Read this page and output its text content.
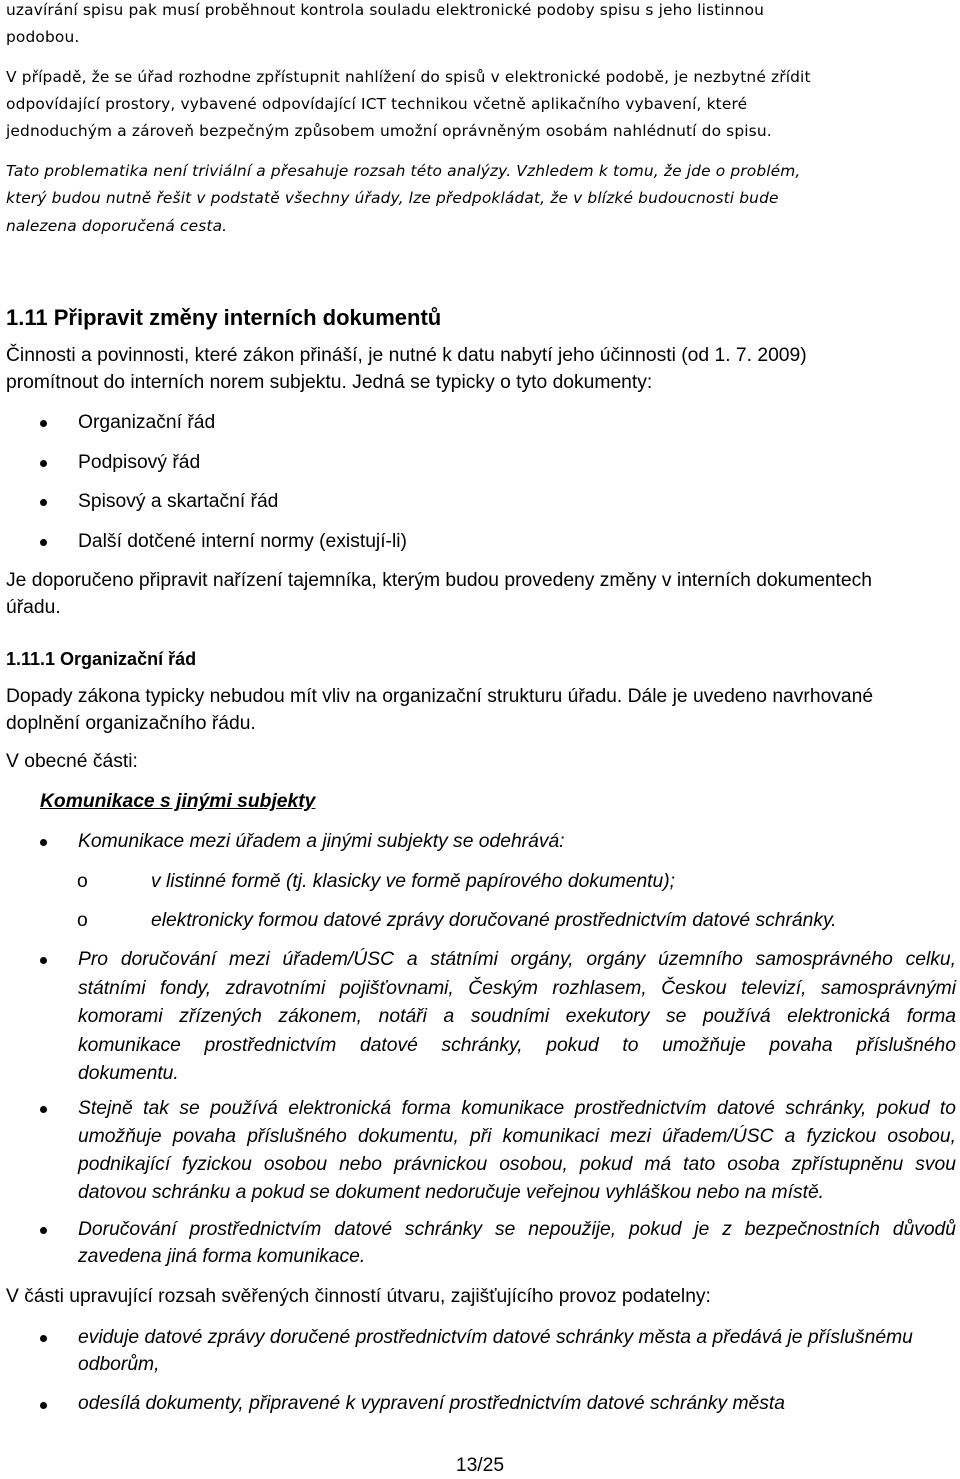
uzavírání spisu pak musí proběhnout kontrola souladu elektronické podoby spisu s jeho listinnou
podobou.
V případě, že se úřad rozhodne zpřístupnit nahlížení do spisů v elektronické podobě, je nezbytné zřídit
odpovídající prostory, vybavené odpovídající ICT technikou včetně aplikačního vybavení, které
jednoduchým a zároveň bezpečným způsobem umožní oprávněným osobám nahlédnutí do spisu.
Tato problematika není triviální a přesahuje rozsah této analýzy. Vzhledem k tomu, že jde o problém,
který budou nutně řešit v podstatě všechny úřady, lze předpokládat, že v blízké budoucnosti bude
nalezena doporučená cesta.
1.11 Připravit změny interních dokumentů
Činnosti a povinnosti, které zákon přináší, je nutné k datu nabytí jeho účinnosti (od 1. 7. 2009)
promítnout do interních norem subjektu. Jedná se typicky o tyto dokumenty:
Organizační řád
Podpisový řád
Spisový a skartační řád
Další dotčené interní normy (existují-li)
Je doporučeno připravit nařízení tajemníka, kterým budou provedeny změny v interních dokumentech
úřadu.
1.11.1 Organizační řád
Dopady zákona typicky nebudou mít vliv na organizační strukturu úřadu. Dále je uvedeno navrhované
doplnění organizačního řádu.
V obecné části:
Komunikace s jinými subjekty
Komunikace mezi úřadem a jinými subjekty se odehrává:
o	v listinné formě (tj. klasicky ve formě papírového dokumentu);
o	elektronicky formou datové zprávy doručované prostřednictvím datové schránky.
Pro doručování mezi úřadem/ÚSC a státními orgány, orgány územního samosprávného celku,
státními fondy, zdravotními pojišťovnami, Českým rozhlasem, Českou televizí, samosprávnými
komorami zřízených zákonem, notáři a soudními exekutory se používá elektronická forma
komunikace prostřednictvím datové schránky, pokud to umožňuje povaha příslušného
dokumentu.
Stejně tak se používá elektronická forma komunikace prostřednictvím datové schránky, pokud to
umožňuje povaha příslušného dokumentu, při komunikaci mezi úřadem/ÚSC a fyzickou osobou,
podnikající fyzickou osobou nebo právnickou osobou, pokud má tato osoba zpřístupněnu svou
datovou schránku a pokud se dokument nedoručuje veřejnou vyhláškou nebo na místě.
Doručování prostřednictvím datové schránky se nepoužije, pokud je z bezpečnostních důvodů
zavedena jiná forma komunikace.
V části upravující rozsah svěřených činností útvaru, zajišťujícího provoz podatelny:
eviduje datové zprávy doručené prostřednictvím datové schránky města a předává je příslušnému
odborům,
odesílá dokumenty, připravené k vypravení prostřednictvím datové schránky města
13/25
